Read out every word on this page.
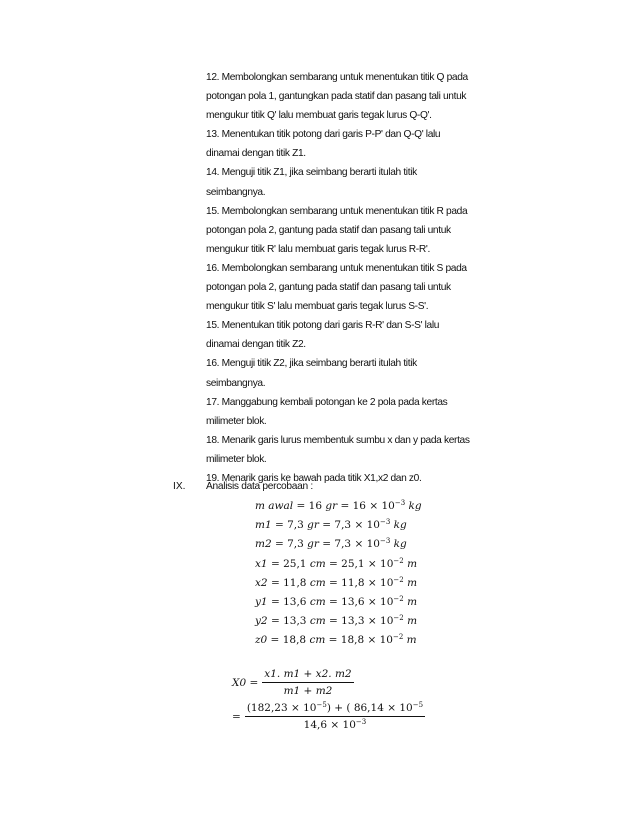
12. Membolongkan sembarang untuk menentukan titik Q pada
potongan pola 1, gantungkan pada statif dan pasang tali untuk
mengukur titik Q' lalu membuat garis tegak lurus Q-Q'.
13. Menentukan titik potong dari garis P-P' dan Q-Q' lalu
dinamai dengan titik Z1.
14. Menguji titik Z1, jika seimbang berarti itulah titik
seimbangnya.
15. Membolongkan sembarang untuk menentukan titik R pada
potongan pola 2, gantung pada statif dan pasang tali untuk
mengukur titik R' lalu membuat garis tegak lurus R-R'.
16. Membolongkan sembarang untuk menentukan titik S pada
potongan pola 2, gantung pada statif dan pasang tali untuk
mengukur titik S' lalu membuat garis tegak lurus S-S'.
15. Menentukan titik potong dari garis R-R' dan S-S' lalu
dinamai dengan titik Z2.
16. Menguji titik Z2, jika seimbang berarti itulah titik
seimbangnya.
17. Manggabung kembali potongan ke 2 pola pada kertas
milimeter blok.
18. Menarik garis lurus membentuk sumbu x dan y pada kertas
milimeter blok.
19. Menarik garis ke bawah pada titik X1,x2 dan z0.
IX. Analisis data percobaan :
m awal = 16 gr = $16 \times 10^{-3}$ kg
m1 = 7,3 gr = $7,3 \times 10^{-3}$ kg
m2 = 7,3 gr = $7,3 \times 10^{-3}$ kg
x1 = 25,1 cm = $25,1 \times 10^{-2}$ m
x2 = 11,8 cm = $11,8 \times 10^{-2}$ m
y1 = 13,6 cm = $13,6 \times 10^{-2}$ m
y2 = 13,3 cm = $13,3 \times 10^{-2}$ m
z0 = 18,8 cm = $18,8 \times 10^{-2}$ m
$X0 = \frac{x1. m1 + x2. m2}{m1 + m2}$
= $\frac{(182,23 \times 10^{-5}) + ( 86,14 \times 10^{-5}}{14,6 \times 10^{-3}}$
